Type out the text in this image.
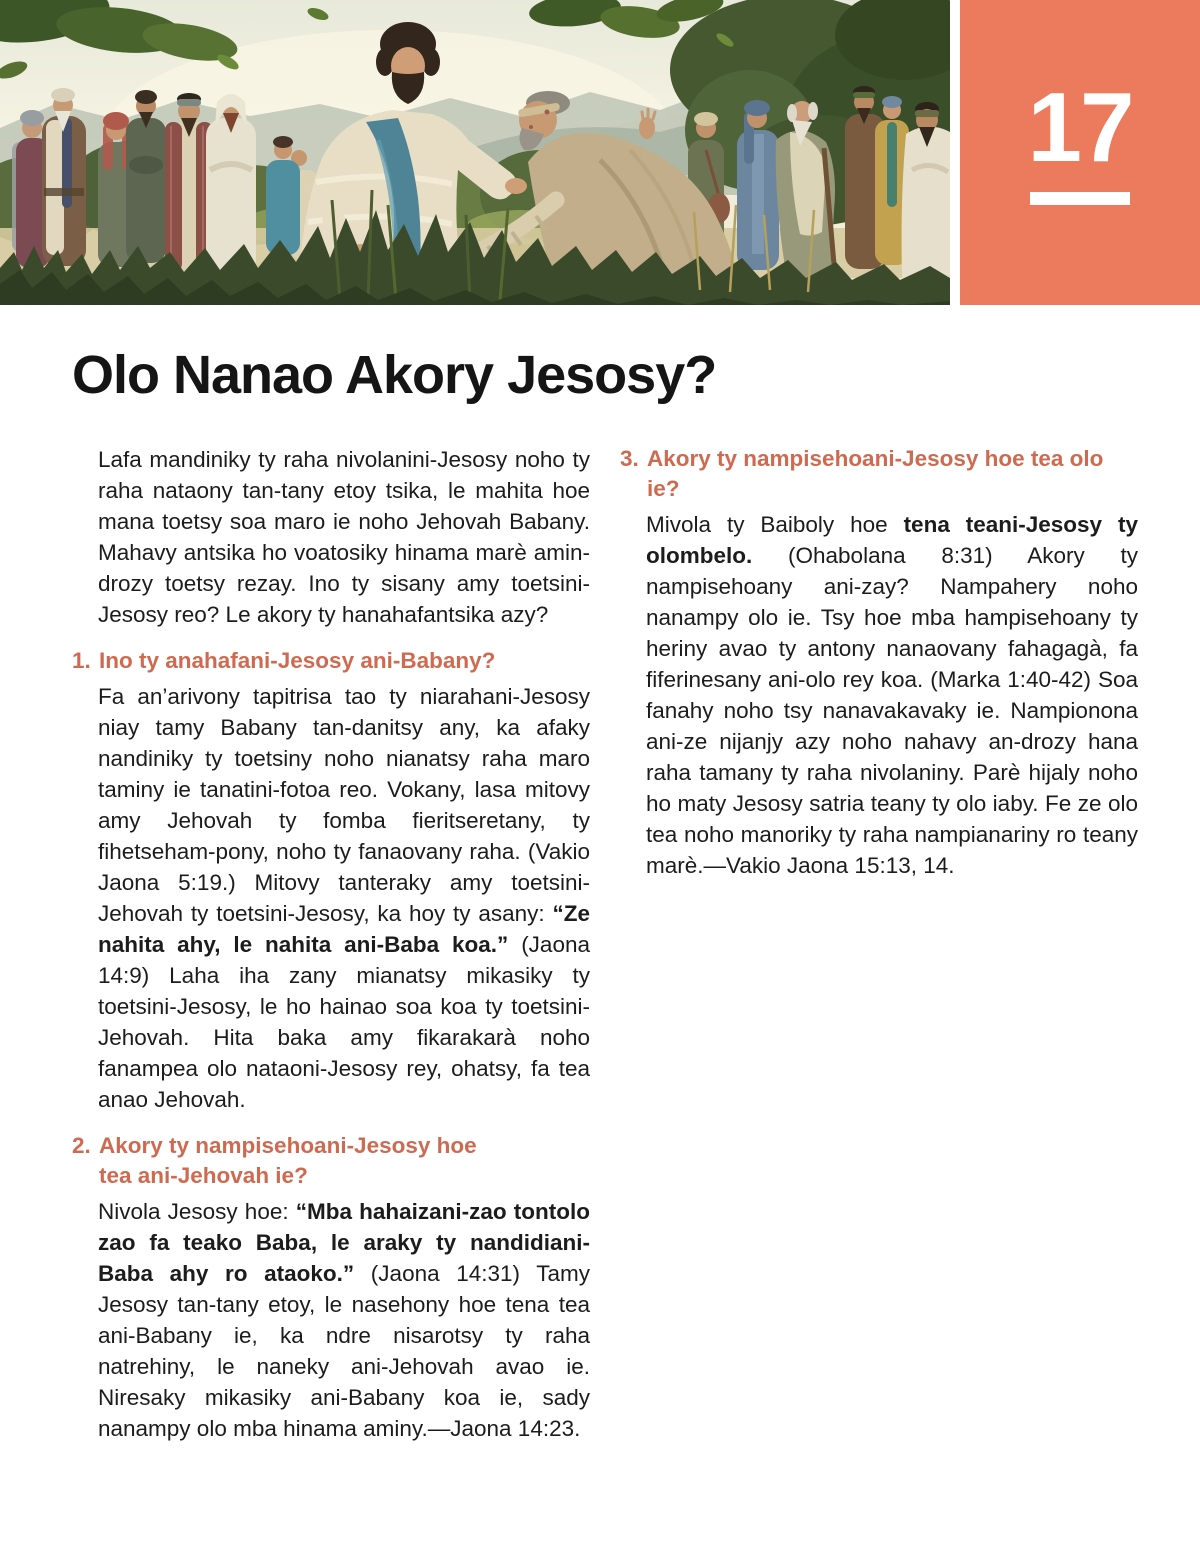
17
Olo Nanao Akory Jesosy?

Lafa mandiniky ty raha nivolanini-Jesosy noho ty raha nataony tan-tany etoy tsika, le mahita hoe mana toetsy soa maro ie noho Jehovah Babany. Mahavy antsika ho voatosiky hinama marè amin-drozy toetsy rezay. Ino ty sisany amy toetsini-Jesosy reo? Le akory ty hanahafantsika azy?

1. Ino ty anahafani-Jesosy ani-Babany?

Fa an’arivony tapitrisa tao ty niarahani-Jesosy niay tamy Babany tan-danitsy any, ka afaky nandiniky ty toetsiny noho nianatsy raha maro taminy ie tanatini-fotoa reo. Vokany, lasa mitovy amy Jehovah ty fomba fieritseretany, ty fihetseham-pony, noho ty fanaovany raha. (Vakio Jaona 5:19.) Mitovy tanteraky amy toetsini-Jehovah ty toetsini-Jesosy, ka hoy ty asany: “Ze nahita ahy, le nahita ani-Baba koa.” (Jaona 14:9) Laha iha zany mianatsy mikasiky ty toetsini-Jesosy, le ho hainao soa koa ty toetsini-Jehovah. Hita baka amy fikarakarà noho fanampea olo nataoni-Jesosy rey, ohatsy, fa tea anao Jehovah.

2. Akory ty nampisehoani-Jesosy hoe
tea ani-Jehovah ie?

Nivola Jesosy hoe: “Mba hahaizani-zao tontolo zao fa teako Baba, le araky ty nandidiani-Baba ahy ro ataoko.” (Jaona 14:31) Tamy Jesosy tan-tany etoy, le nasehony hoe tena tea ani-Babany ie, ka ndre nisarotsy ty raha natrehiny, le naneky ani-Jehovah avao ie. Niresaky mikasiky ani-Babany koa ie, sady nanampy olo mba hinama aminy.—Jaona 14:23.

3. Akory ty nampisehoani-Jesosy hoe tea olo ie?

Mivola ty Baiboly hoe tena teani-Jesosy ty olombelo. (Ohabolana 8:31) Akory ty nampisehoany ani-zay? Nampahery noho nanampy olo ie. Tsy hoe mba hampisehoany ty heriny avao ty antony nanaovany fahagagà, fa fiferinesany ani-olo rey koa. (Marka 1:40-42) Soa fanahy noho tsy nanavakavaky ie. Nampionona ani-ze nijanjy azy noho nahavy an-drozy hana raha tamany ty raha nivolaniny. Parè hijaly noho ho maty Jesosy satria teany ty olo iaby. Fe ze olo tea noho manoriky ty raha nampianariny ro teany marè.—Vakio Jaona 15:13, 14.
